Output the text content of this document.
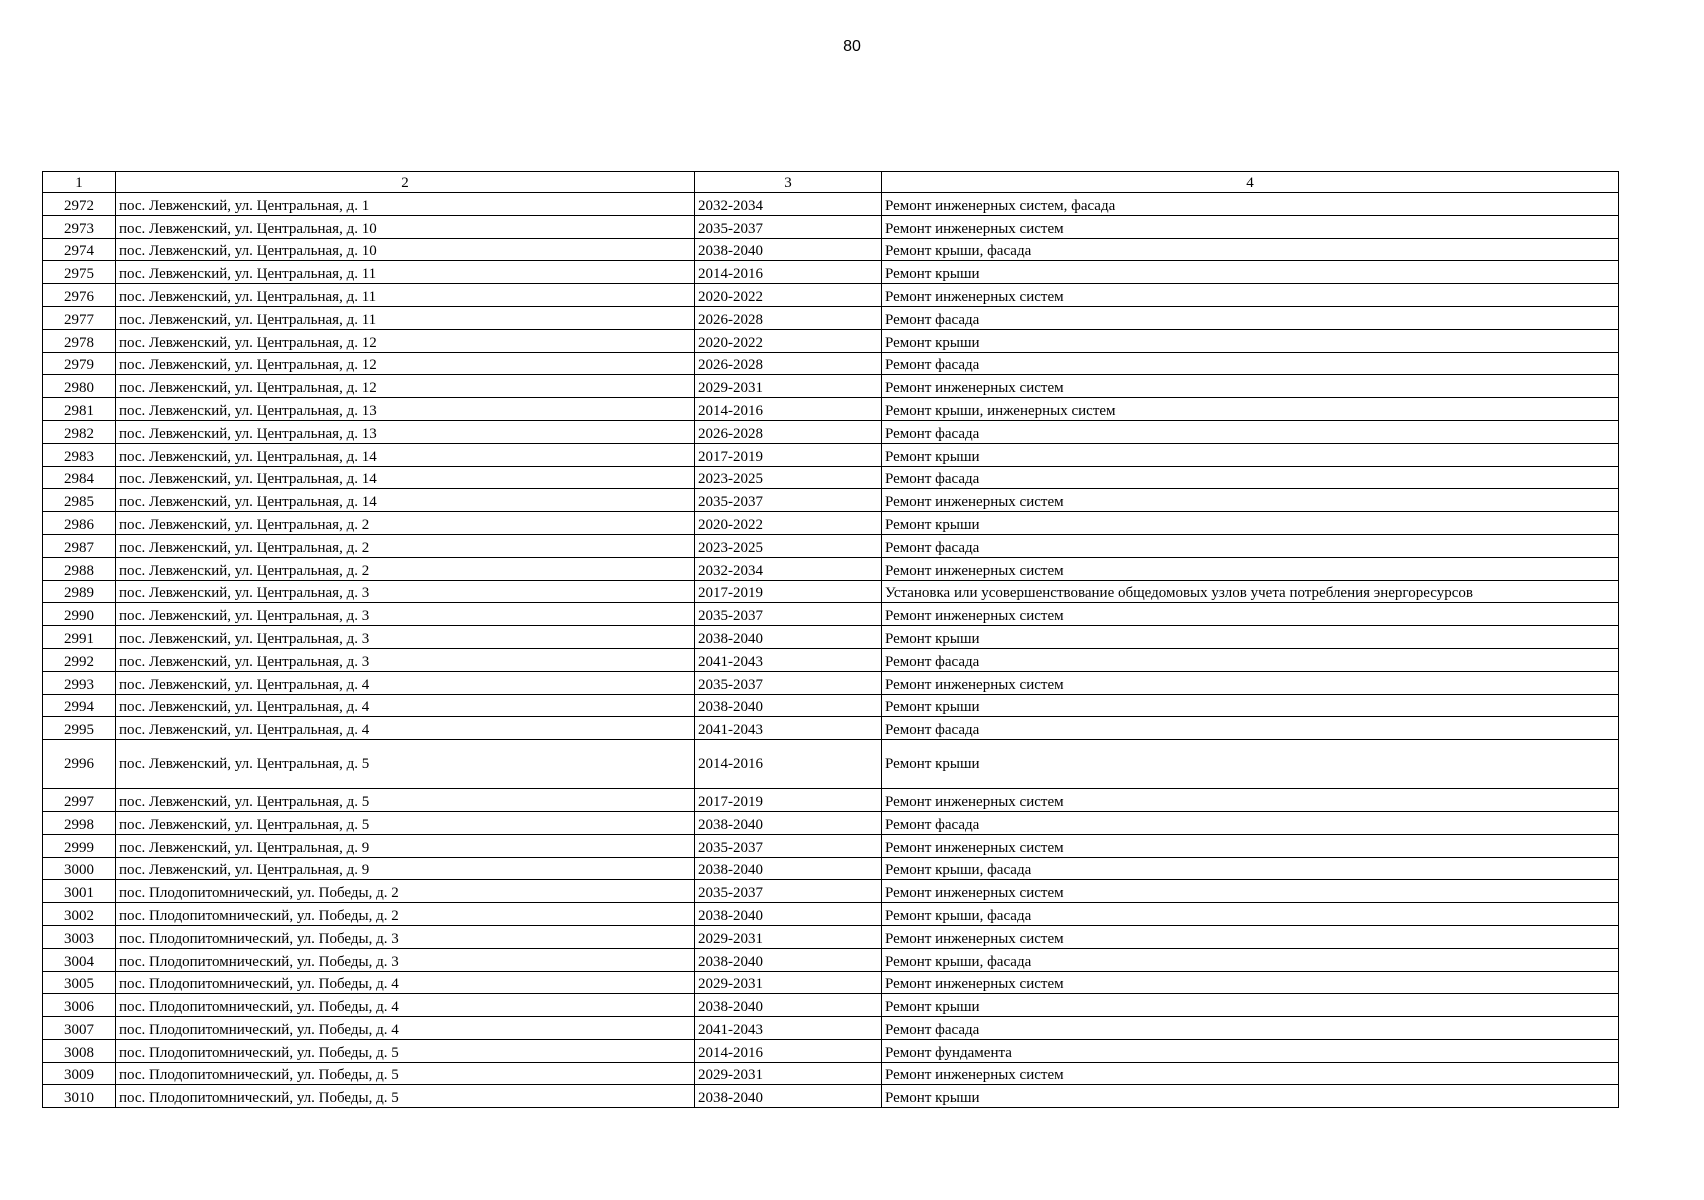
80
1	2	3	4
2972	пос. Левженский, ул. Центральная, д. 1	2032-2034	Ремонт инженерных систем, фасада
2973	пос. Левженский, ул. Центральная, д. 10	2035-2037	Ремонт инженерных систем
2974	пос. Левженский, ул. Центральная, д. 10	2038-2040	Ремонт крыши, фасада
2975	пос. Левженский, ул. Центральная, д. 11	2014-2016	Ремонт крыши
2976	пос. Левженский, ул. Центральная, д. 11	2020-2022	Ремонт инженерных систем
2977	пос. Левженский, ул. Центральная, д. 11	2026-2028	Ремонт фасада
2978	пос. Левженский, ул. Центральная, д. 12	2020-2022	Ремонт крыши
2979	пос. Левженский, ул. Центральная, д. 12	2026-2028	Ремонт фасада
2980	пос. Левженский, ул. Центральная, д. 12	2029-2031	Ремонт инженерных систем
2981	пос. Левженский, ул. Центральная, д. 13	2014-2016	Ремонт крыши, инженерных систем
2982	пос. Левженский, ул. Центральная, д. 13	2026-2028	Ремонт фасада
2983	пос. Левженский, ул. Центральная, д. 14	2017-2019	Ремонт крыши
2984	пос. Левженский, ул. Центральная, д. 14	2023-2025	Ремонт фасада
2985	пос. Левженский, ул. Центральная, д. 14	2035-2037	Ремонт инженерных систем
2986	пос. Левженский, ул. Центральная, д. 2	2020-2022	Ремонт крыши
2987	пос. Левженский, ул. Центральная, д. 2	2023-2025	Ремонт фасада
2988	пос. Левженский, ул. Центральная, д. 2	2032-2034	Ремонт инженерных систем
2989	пос. Левженский, ул. Центральная, д. 3	2017-2019	Установка или усовершенствование общедомовых узлов учета потребления энергоресурсов
2990	пос. Левженский, ул. Центральная, д. 3	2035-2037	Ремонт инженерных систем
2991	пос. Левженский, ул. Центральная, д. 3	2038-2040	Ремонт крыши
2992	пос. Левженский, ул. Центральная, д. 3	2041-2043	Ремонт фасада
2993	пос. Левженский, ул. Центральная, д. 4	2035-2037	Ремонт инженерных систем
2994	пос. Левженский, ул. Центральная, д. 4	2038-2040	Ремонт крыши
2995	пос. Левженский, ул. Центральная, д. 4	2041-2043	Ремонт фасада
2996	пос. Левженский, ул. Центральная, д. 5	2014-2016	Ремонт крыши
2997	пос. Левженский, ул. Центральная, д. 5	2017-2019	Ремонт инженерных систем
2998	пос. Левженский, ул. Центральная, д. 5	2038-2040	Ремонт фасада
2999	пос. Левженский, ул. Центральная, д. 9	2035-2037	Ремонт инженерных систем
3000	пос. Левженский, ул. Центральная, д. 9	2038-2040	Ремонт крыши, фасада
3001	пос. Плодопитомнический, ул. Победы, д. 2	2035-2037	Ремонт инженерных систем
3002	пос. Плодопитомнический, ул. Победы, д. 2	2038-2040	Ремонт крыши, фасада
3003	пос. Плодопитомнический, ул. Победы, д. 3	2029-2031	Ремонт инженерных систем
3004	пос. Плодопитомнический, ул. Победы, д. 3	2038-2040	Ремонт крыши, фасада
3005	пос. Плодопитомнический, ул. Победы, д. 4	2029-2031	Ремонт инженерных систем
3006	пос. Плодопитомнический, ул. Победы, д. 4	2038-2040	Ремонт крыши
3007	пос. Плодопитомнический, ул. Победы, д. 4	2041-2043	Ремонт фасада
3008	пос. Плодопитомнический, ул. Победы, д. 5	2014-2016	Ремонт фундамента
3009	пос. Плодопитомнический, ул. Победы, д. 5	2029-2031	Ремонт инженерных систем
3010	пос. Плодопитомнический, ул. Победы, д. 5	2038-2040	Ремонт крыши
